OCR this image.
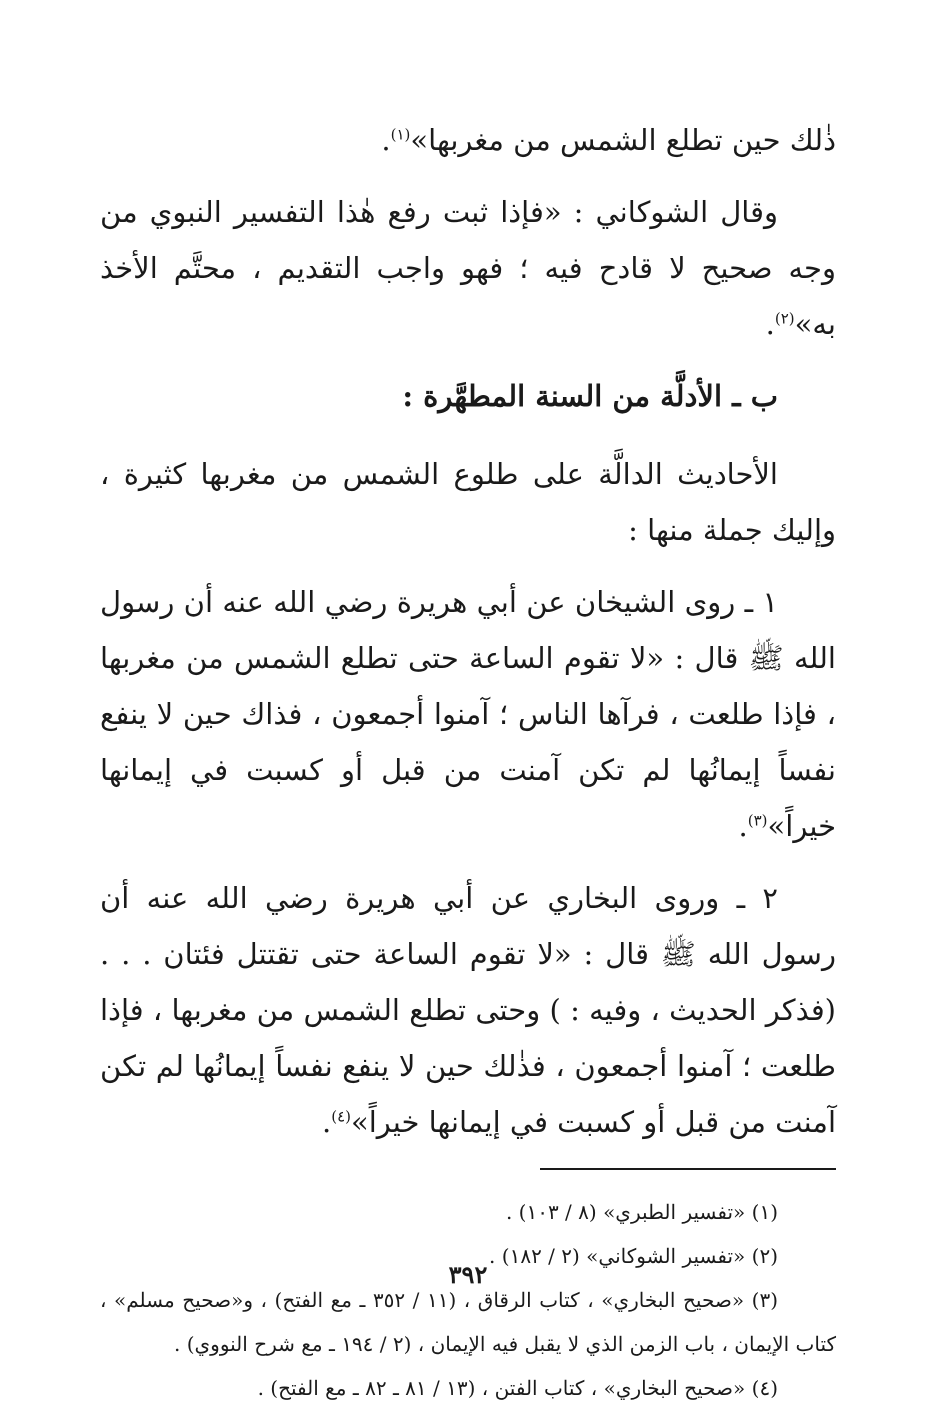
ذٰلك حين تطلع الشمس من مغربها»$^{(١)}$.

وقال الشوكاني : «فإذا ثبت رفع هٰذا التفسير النبوي من وجه صحيح لا قادح فيه ؛ فهو واجب التقديم ، محتَّم الأخذ به»$^{(٢)}$.

ب ـ الأدلَّة من السنة المطهَّرة :

الأحاديث الدالَّة على طلوع الشمس من مغربها كثيرة ، وإليك جملة منها :

١ ـ روى الشيخان عن أبي هريرة رضي الله عنه أن رسول الله ﷺ قال : «لا تقوم الساعة حتى تطلع الشمس من مغربها ، فإذا طلعت ، فرآها الناس ؛ آمنوا أجمعون ، فذاك حين لا ينفع نفساً إيمانُها لم تكن آمنت من قبل أو كسبت في إيمانها خيراً»$^{(٣)}$.

٢ ـ وروى البخاري عن أبي هريرة رضي الله عنه أن رسول الله ﷺ قال : «لا تقوم الساعة حتى تقتتل فئتان . . . (فذكر الحديث ، وفيه : ) وحتى تطلع الشمس من مغربها ، فإذا طلعت ؛ آمنوا أجمعون ، فذٰلك حين لا ينفع نفساً إيمانُها لم تكن آمنت من قبل أو كسبت في إيمانها خيراً»$^{(٤)}$.

(١) «تفسير الطبري» (٨ / ١٠٣) .

(٢) «تفسير الشوكاني» (٢ / ١٨٢) .

(٣) «صحيح البخاري» ، كتاب الرقاق ، (١١ / ٣٥٢ ـ مع الفتح) ، و«صحيح مسلم» ، كتاب الإيمان ، باب الزمن الذي لا يقبل فيه الإيمان ، (٢ / ١٩٤ ـ مع شرح النووي) .

(٤) «صحيح البخاري» ، كتاب الفتن ، (١٣ / ٨١ ـ ٨٢ ـ مع الفتح) .

٣٩٢
